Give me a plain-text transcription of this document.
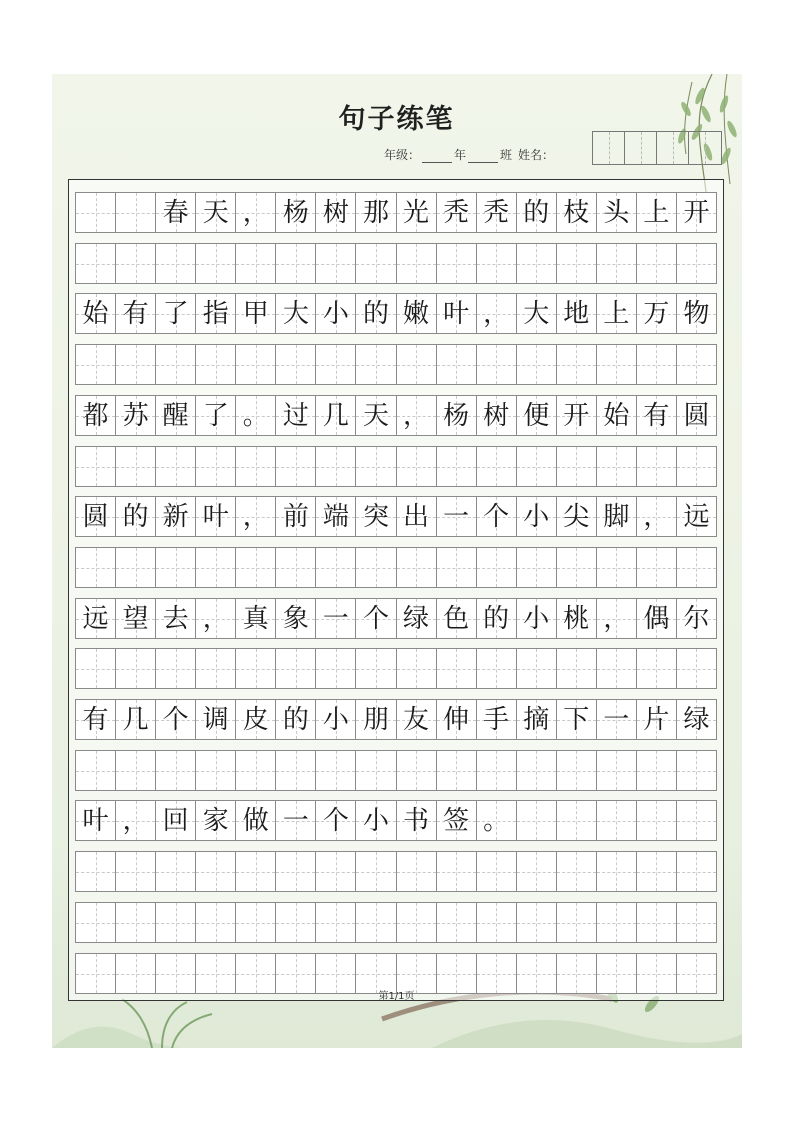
句子练笔
年级：	年	班 姓名：
春 天 ， 杨 树 那 光 秃 秃 的 枝 头 上 开
始 有 了 指 甲 大 小 的 嫩 叶 ， 大 地 上 万 物
都 苏 醒 了 。 过 几 天 ， 杨 树 便 开 始 有 圆
圆 的 新 叶 ， 前 端 突 出 一 个 小 尖 脚 ， 远
远 望 去 ， 真 象 一 个 绿 色 的 小 桃 ， 偶 尔
有 几 个 调 皮 的 小 朋 友 伸 手 摘 下 一 片 绿
叶 ， 回 家 做 一 个 小 书 签 。
第1/1页
